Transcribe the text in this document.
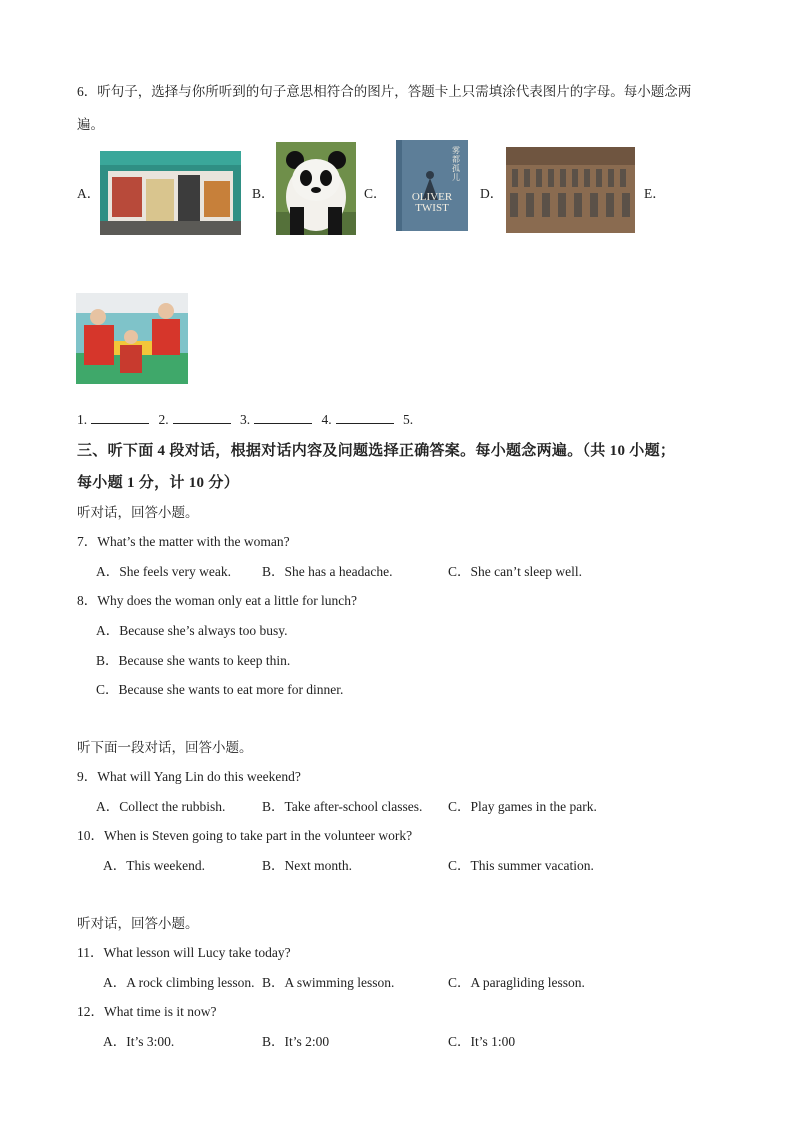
6．听句子，选择与你所听到的句子意思相符合的图片，答题卡上只需填涂代表图片的字母。每小题念两
遍。
A．	B．	C．	OLIVER TWIST
雾都孤儿
D．	E．
1.	2.	3.	4.	5.
三、听下面 4 段对话，根据对话内容及问题选择正确答案。每小题念两遍。（共 10 小题；
每小题 1 分，计 10 分）
听对话，回答小题。
7．What’s the matter with the woman?
A．She feels very weak. B．She has a headache.	C．She can’t sleep well.
8．Why does the woman only eat a little for lunch?
A．Because she’s always too busy.
B．Because she wants to keep thin.
C．Because she wants to eat more for dinner.
听下面一段对话，回答小题。
9．What will Yang Lin do this weekend?
A．Collect the rubbish.	B．Take after-school classes. C．Play games in the park.
10．When is Steven going to take part in the volunteer work?
A．This weekend.	B．Next month.	C．This summer vacation.
听对话，回答小题。
11．What lesson will Lucy take today?
A．A rock climbing lesson. B．A swimming lesson.	C．A paragliding lesson.
12．What time is it now?
A．It’s 3:00.	B．It’s 2:00	C．It’s 1:00
